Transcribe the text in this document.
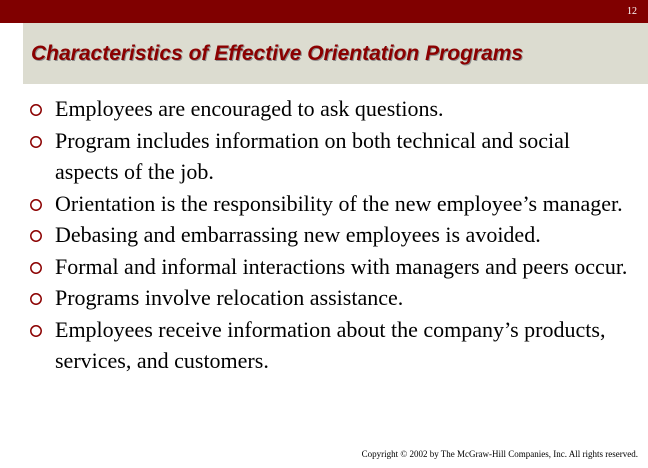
12
Characteristics of Effective Orientation Programs
Employees are encouraged to ask questions.
Program includes information on both technical and social aspects of the job.
Orientation is the responsibility of the new employee’s manager.
Debasing and embarrassing new employees is avoided.
Formal and informal interactions with managers and peers occur.
Programs involve relocation assistance.
Employees receive information about the company’s products, services, and customers.
Copyright © 2002 by The McGraw-Hill Companies, Inc. All rights reserved.
